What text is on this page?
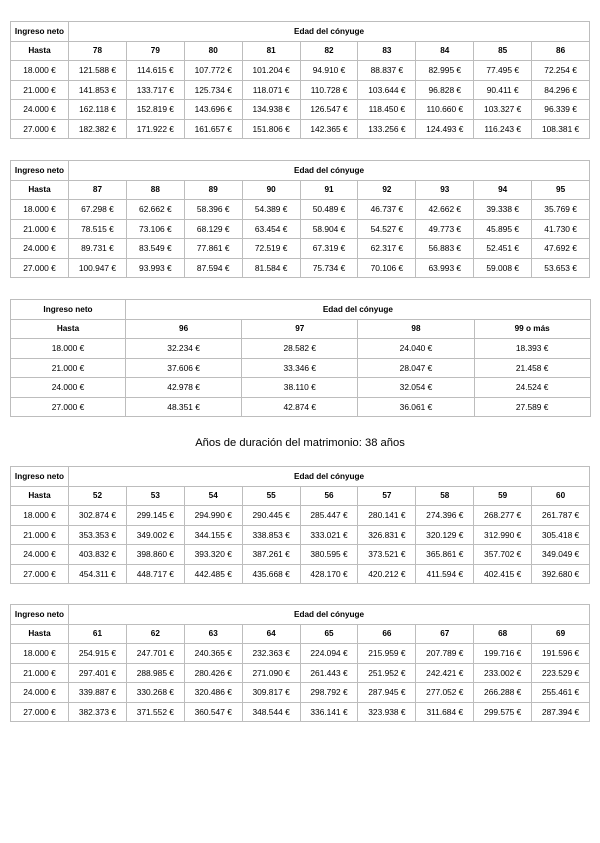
Ingreso neto	Edad del cónyuge								
Hasta	78	79	80	81	82	83	84	85	86
18.000 €	121.588 €	114.615 €	107.772 €	101.204 €	94.910 €	88.837 €	82.995 €	77.495 €	72.254 €
21.000 €	141.853 €	133.717 €	125.734 €	118.071 €	110.728 €	103.644 €	96.828 €	90.411 €	84.296 €
24.000 €	162.118 €	152.819 €	143.696 €	134.938 €	126.547 €	118.450 €	110.660 €	103.327 €	96.339 €
27.000 €	182.382 €	171.922 €	161.657 €	151.806 €	142.365 €	133.256 €	124.493 €	116.243 €	108.381 €
Ingreso neto	Edad del cónyuge								
Hasta	87	88	89	90	91	92	93	94	95
18.000 €	67.298 €	62.662 €	58.396 €	54.389 €	50.489 €	46.737 €	42.662 €	39.338 €	35.769 €
21.000 €	78.515 €	73.106 €	68.129 €	63.454 €	58.904 €	54.527 €	49.773 €	45.895 €	41.730 €
24.000 €	89.731 €	83.549 €	77.861 €	72.519 €	67.319 €	62.317 €	56.883 €	52.451 €	47.692 €
27.000 €	100.947 €	93.993 €	87.594 €	81.584 €	75.734 €	70.106 €	63.993 €	59.008 €	53.653 €
Ingreso neto	Edad del cónyuge			
Hasta	96	97	98	99 o más
18.000 €	32.234 €	28.582 €	24.040 €	18.393 €
21.000 €	37.606 €	33.346 €	28.047 €	21.458 €
24.000 €	42.978 €	38.110 €	32.054 €	24.524 €
27.000 €	48.351 €	42.874 €	36.061 €	27.589 €
Ingreso neto	Edad del cónyuge								
Hasta	52	53	54	55	56	57	58	59	60
18.000 €	302.874 €	299.145 €	294.990 €	290.445 €	285.447 €	280.141 €	274.396 €	268.277 €	261.787 €
21.000 €	353.353 €	349.002 €	344.155 €	338.853 €	333.021 €	326.831 €	320.129 €	312.990 €	305.418 €
24.000 €	403.832 €	398.860 €	393.320 €	387.261 €	380.595 €	373.521 €	365.861 €	357.702 €	349.049 €
27.000 €	454.311 €	448.717 €	442.485 €	435.668 €	428.170 €	420.212 €	411.594 €	402.415 €	392.680 €
Ingreso neto	Edad del cónyuge								
Hasta	61	62	63	64	65	66	67	68	69
18.000 €	254.915 €	247.701 €	240.365 €	232.363 €	224.094 €	215.959 €	207.789 €	199.716 €	191.596 €
21.000 €	297.401 €	288.985 €	280.426 €	271.090 €	261.443 €	251.952 €	242.421 €	233.002 €	223.529 €
24.000 €	339.887 €	330.268 €	320.486 €	309.817 €	298.792 €	287.945 €	277.052 €	266.288 €	255.461 €
27.000 €	382.373 €	371.552 €	360.547 €	348.544 €	336.141 €	323.938 €	311.684 €	299.575 €	287.394 €
Años de duración del matrimonio: 38 años
